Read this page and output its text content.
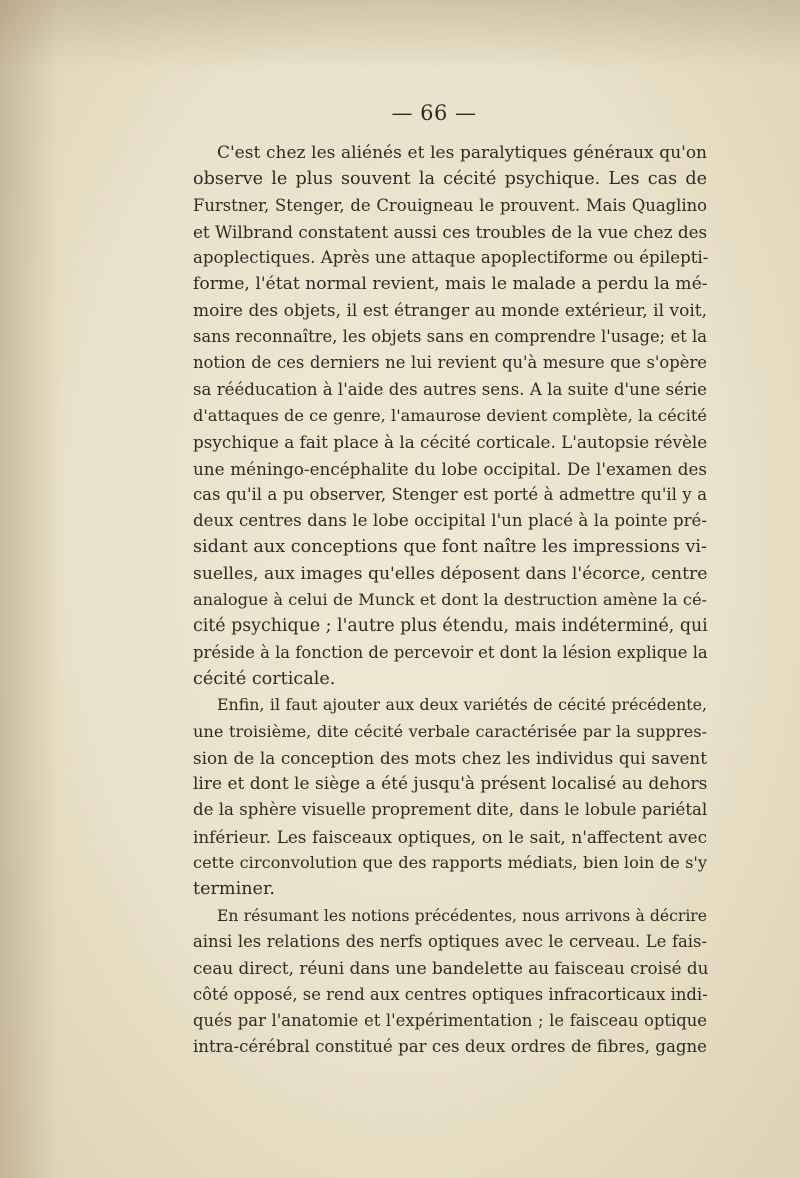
— 66 —
C'est chez les aliénés et les paralytiques généraux qu'on
observe le plus souvent la cécité psychique. Les cas de
Furstner, Stenger, de Crouigneau le prouvent. Mais Quaglino
et Wilbrand constatent aussi ces troubles de la vue chez des
apoplectiques. Après une attaque apoplectiforme ou épilepti-
forme, l'état normal revient, mais le malade a perdu la mé-
moire des objets, il est étranger au monde extérieur, il voit,
sans reconnaître, les objets sans en comprendre l'usage; et la
notion de ces derniers ne lui revient qu'à mesure que s'opère
sa rééducation à l'aide des autres sens. A la suite d'une série
d'attaques de ce genre, l'amaurose devient complète, la cécité
psychique a fait place à la cécité corticale. L'autopsie révèle
une méningo-encéphalite du lobe occipital. De l'examen des
cas qu'il a pu observer, Stenger est porté à admettre qu'il y a
deux centres dans le lobe occipital l'un placé à la pointe pré-
sidant aux conceptions que font naître les impressions vi-
suelles, aux images qu'elles déposent dans l'écorce, centre
analogue à celui de Munck et dont la destruction amène la cé-
cité psychique ; l'autre plus étendu, mais indéterminé, qui
préside à la fonction de percevoir et dont la lésion explique la
cécité corticale.
Enfin, il faut ajouter aux deux variétés de cécité précédente,
une troisième, dite cécité verbale caractérisée par la suppres-
sion de la conception des mots chez les individus qui savent
lire et dont le siège a été jusqu'à présent localisé au dehors
de la sphère visuelle proprement dite, dans le lobule pariétal
inférieur. Les faisceaux optiques, on le sait, n'affectent avec
cette circonvolution que des rapports médiats, bien loin de s'y
terminer.
En résumant les notions précédentes, nous arrivons à décrire
ainsi les relations des nerfs optiques avec le cerveau. Le fais-
ceau direct, réuni dans une bandelette au faisceau croisé du
côté opposé, se rend aux centres optiques infracorticaux indi-
qués par l'anatomie et l'expérimentation ; le faisceau optique
intra-cérébral constitué par ces deux ordres de fibres, gagne
